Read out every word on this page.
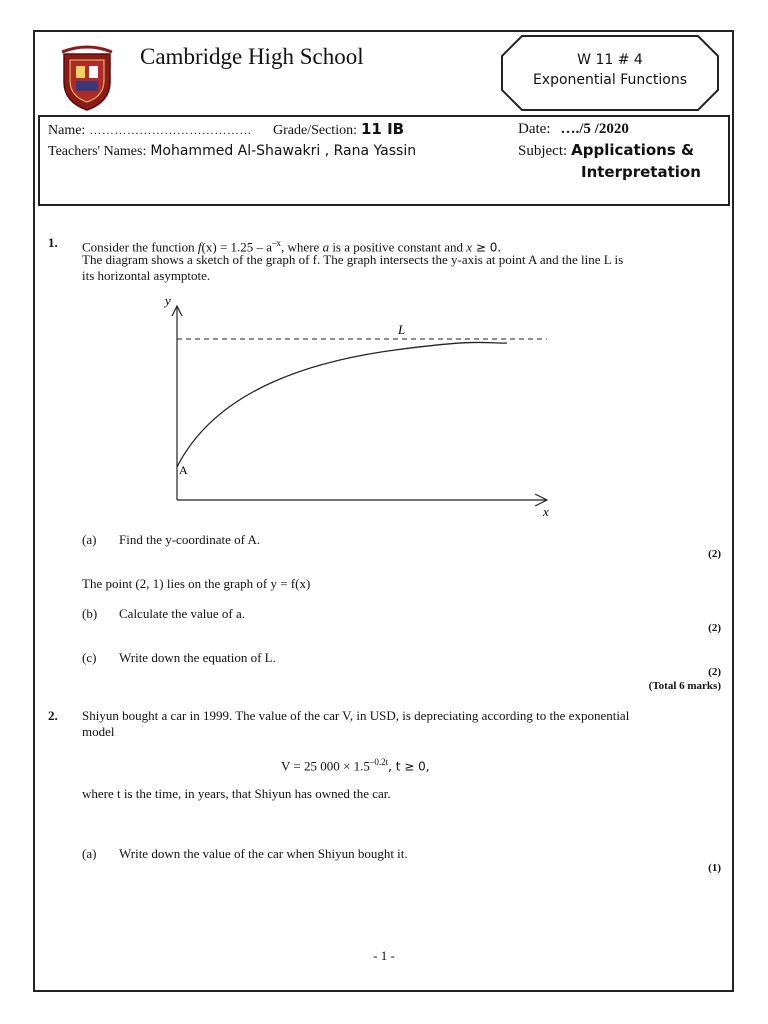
Cambridge High School	W 11 # 4
Exponential Functions
Name: ………………………………… Grade/Section: 11 IB	Date: …./5 /2020
Teachers' Names: Mohammed Al-Shawakri , Rana Yassin	Subject: Applications &
Interpretation
1. Consider the function $f(x) = 1.25 - a^{-x}$, where a is a positive constant and x ≥ 0.
The diagram shows a sketch of the graph of f. The graph intersects the y-axis at point A and the line L is
its horizontal asymptote.
y
x
L
A
(a) Find the y-coordinate of A.
(2)
The point (2, 1) lies on the graph of y = f(x)
(b) Calculate the value of a.
(2)
(c) Write down the equation of L.
(2)
(Total 6 marks)
2. Shiyun bought a car in 1999. The value of the car V, in USD, is depreciating according to the exponential
model
V = 25 $000 \times 1.5^{-0.2t}$, t ≥ 0,
where t is the time, in years, that Shiyun has owned the car.
(a) Write down the value of the car when Shiyun bought it.
(1)
- 1 -
